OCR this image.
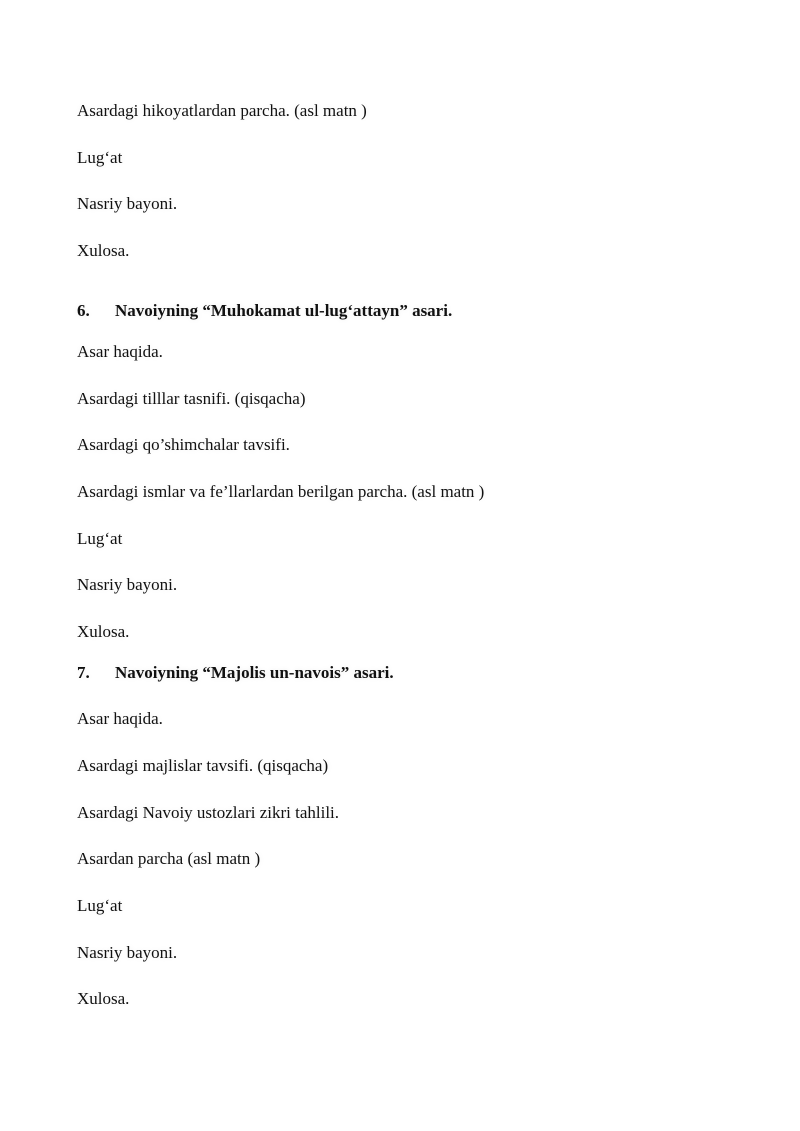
Asardagi hikoyatlardan parcha. (asl matn )
Lug‘at
Nasriy bayoni.
Xulosa.
6. Navoiyning “Muhokamat ul-lug‘attayn” asari.
Asar haqida.
Asardagi tilllar tasnifi. (qisqacha)
Asardagi qo’shimchalar tavsifi.
Asardagi ismlar va fe’llarlardan berilgan parcha. (asl matn )
Lug‘at
Nasriy bayoni.
Xulosa.
7. Navoiyning “Majolis un-navois” asari.
Asar haqida.
Asardagi majlislar tavsifi. (qisqacha)
Asardagi Navoiy ustozlari zikri tahlili.
Asardan parcha (asl matn )
Lug‘at
Nasriy bayoni.
Xulosa.
